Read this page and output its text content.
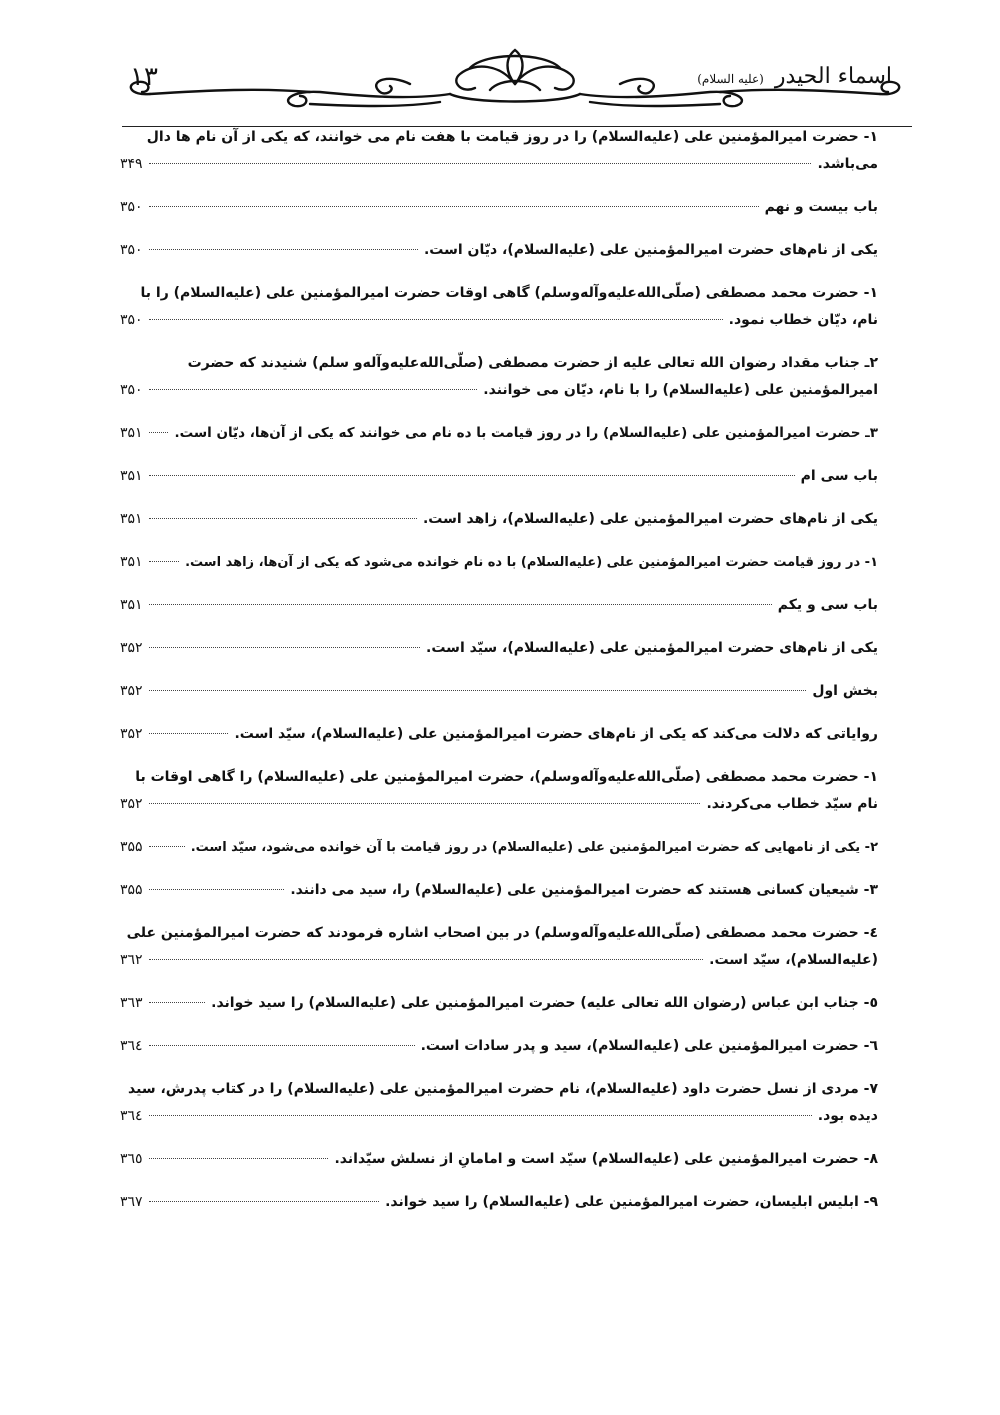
١٣	اسماء الحیدر (علیه السلام)
۱- حضرت امیرالمؤمنین علی (علیه‌السلام) را در روز قیامت با هفت نام می خوانند، که یکی از آن نام ها دال
می‌باشد.
۳۴۹
باب بیست و نهم
۳۵۰
یکی از نام‌های حضرت امیرالمؤمنین علی (علیه‌السلام)، دیّان است.
۳۵۰
۱- حضرت محمد مصطفی (صلّی‌الله‌علیه‌وآله‌وسلم) گاهی اوقات حضرت امیرالمؤمنین علی (علیه‌السلام) را با
نام، دیّان خطاب نمود.
۳۵۰
۲ـ جناب مقداد رضوان الله تعالی علیه از حضرت مصطفی (صلّی‌الله‌علیه‌وآله‌و سلم) شنیدند که حضرت
امیرالمؤمنین علی (علیه‌السلام) را با نام، دیّان می خوانند.
۳۵۰
۳ـ حضرت امیرالمؤمنین علی (علیه‌السلام) را در روز قیامت با ده نام می خوانند که یکی از آن‌ها، دیّان است.
۳۵۱
باب سی ام
۳۵۱
یکی از نام‌های حضرت امیرالمؤمنین علی (علیه‌السلام)، زاهد است.
۳۵۱
۱- در روز قیامت حضرت امیرالمؤمنین علی (علیه‌السلام) با ده نام خوانده می‌شود که یکی از آن‌ها، زاهد است.
۳۵۱
باب سی و یکم
۳۵۱
یکی از نام‌های حضرت امیرالمؤمنین علی (علیه‌السلام)، سیّد است.
۳۵۲
بخش اول
۳۵۲
روایاتی که دلالت می‌کند که یکی از نام‌های حضرت امیرالمؤمنین علی (علیه‌السلام)، سیّد است.
۳۵۲
۱- حضرت محمد مصطفی (صلّی‌الله‌علیه‌وآله‌وسلم)، حضرت امیرالمؤمنین علی (علیه‌السلام) را گاهی اوقات با
نام سیّد خطاب می‌کردند.
۳۵۲
۲- یکی از نامهایی که حضرت امیرالمؤمنین علی (علیه‌السلام) در روز قیامت با آن خوانده می‌شود، سیّد است.
۳۵۵
۳- شیعیان کسانی هستند که حضرت امیرالمؤمنین علی (علیه‌السلام) را، سید می دانند.
۳۵۵
٤- حضرت محمد مصطفی (صلّی‌الله‌علیه‌وآله‌وسلم) در بین اصحاب اشاره فرمودند که حضرت امیرالمؤمنین علی
(علیه‌السلام)، سیّد است.
۳٦۲
٥- جناب ابن عباس (رضوان الله تعالی علیه) حضرت امیرالمؤمنین علی (علیه‌السلام) را سید خواند.
۳٦۳
٦- حضرت امیرالمؤمنین علی (علیه‌السلام)، سید و پدر سادات است.
۳٦٤
۷- مردی از نسل حضرت داود (علیه‌السلام)، نام حضرت امیرالمؤمنین علی (علیه‌السلام) را در کتاب پدرش، سید
دیده بود.
۳٦٤
۸- حضرت امیرالمؤمنین علی (علیه‌السلام) سیّد است و امامانِ از نسلش سیّداند.
۳٦٥
۹- ابلیس ابلیسان، حضرت امیرالمؤمنین علی (علیه‌السلام) را سید خواند.
۳٦۷
